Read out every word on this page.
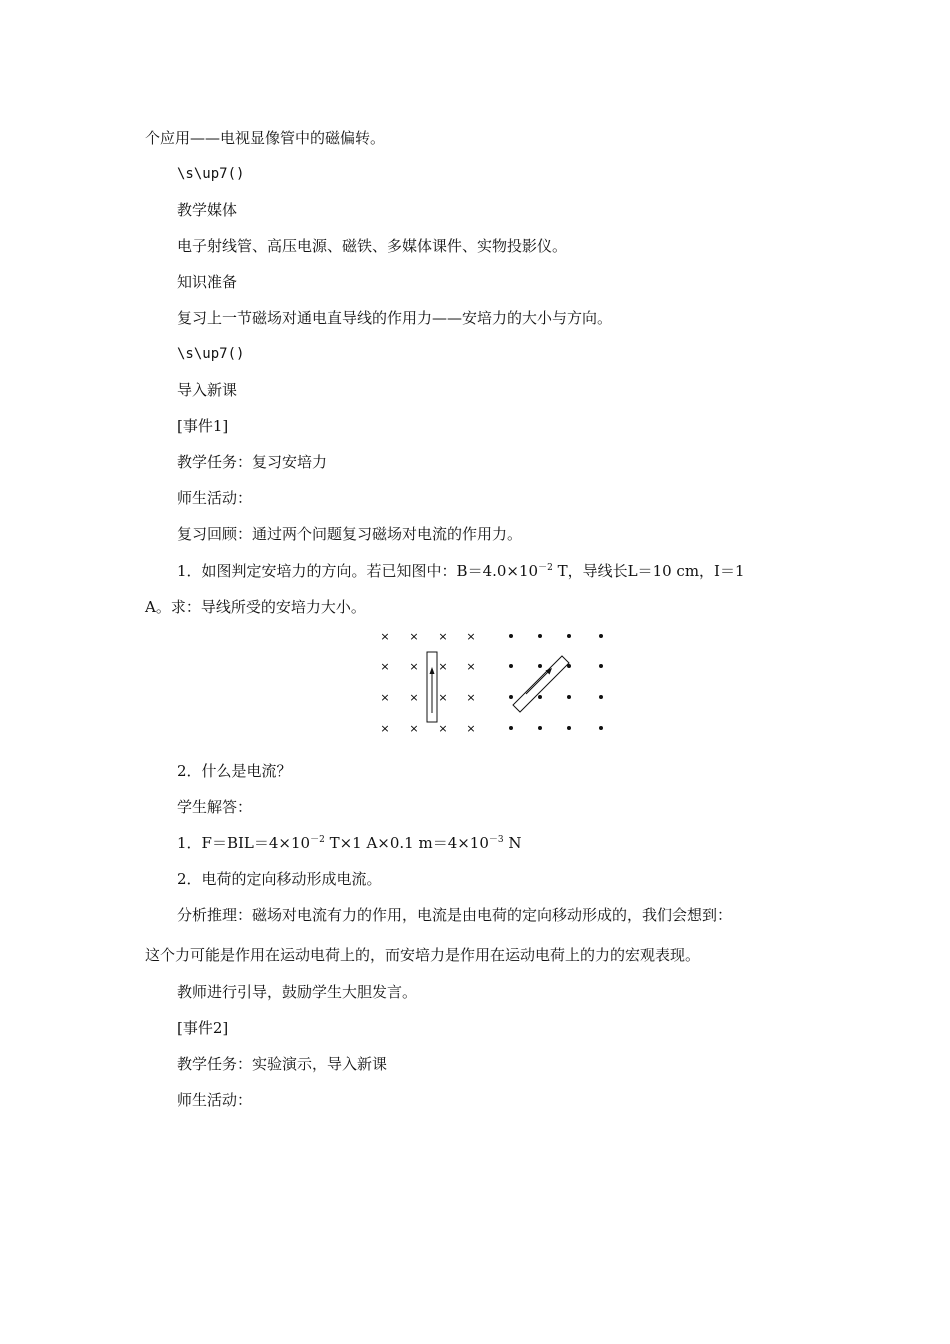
个应用——电视显像管中的磁偏转。
\s\up7()
教学媒体
电子射线管、高压电源、磁铁、多媒体课件、实物投影仪。
知识准备
复习上一节磁场对通电直导线的作用力——安培力的大小与方向。
\s\up7()
导入新课
[事件1]
教学任务：复习安培力
师生活动：
复习回顾：通过两个问题复习磁场对电流的作用力。
1．如图判定安培力的方向。若已知图中：$B=4.0\times 10^{-2}$ T，导线长L＝10 cm，I＝1
A。求：导线所受的安培力大小。
× × × ×
× × × ×
× × × ×
× × × ×
2．什么是电流？
学生解答：
1．$F=BIL=4\times 10^{-2}$ T×1 A×0.1 $m=4\times 10^{-3}$ N
2．电荷的定向移动形成电流。
分析推理：磁场对电流有力的作用，电流是由电荷的定向移动形成的，我们会想到：
这个力可能是作用在运动电荷上的，而安培力是作用在运动电荷上的力的宏观表现。
教师进行引导，鼓励学生大胆发言。
[事件2]
教学任务：实验演示，导入新课
师生活动：
